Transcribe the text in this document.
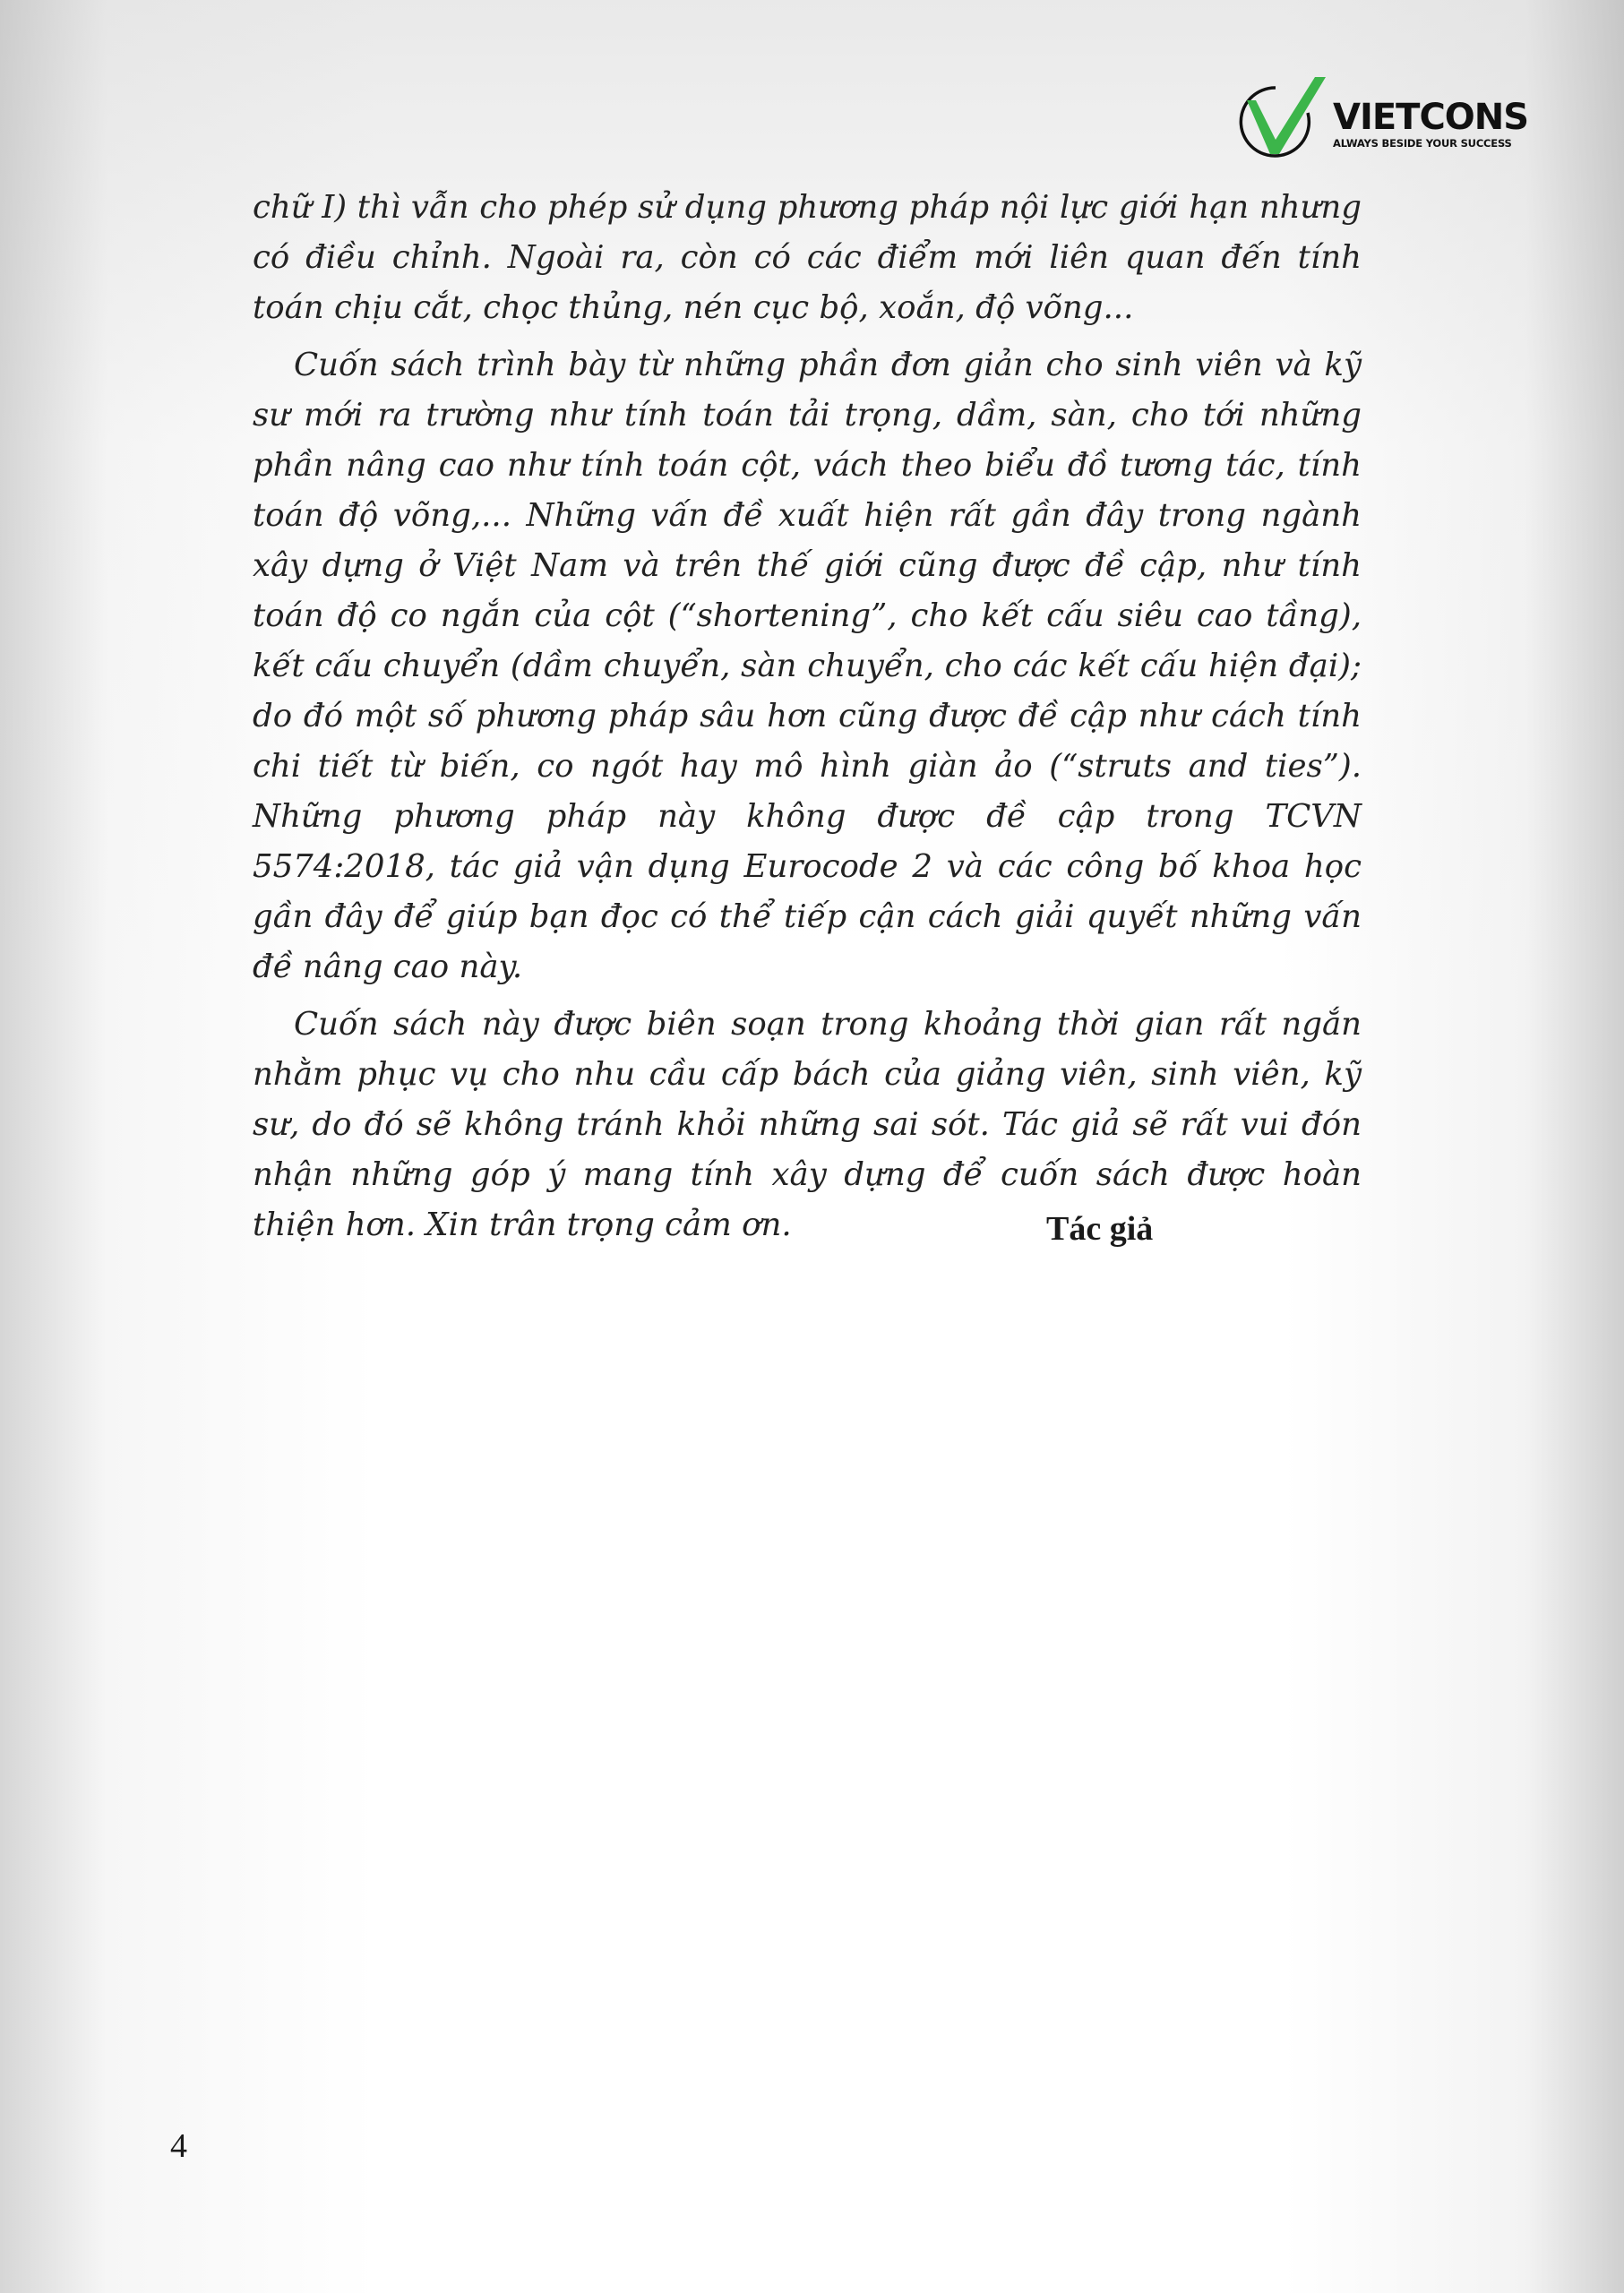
VIETCONS
ALWAYS BESIDE YOUR SUCCESS

chữ I) thì vẫn cho phép sử dụng phương pháp nội lực giới hạn nhưng có điều chỉnh. Ngoài ra, còn có các điểm mới liên quan đến tính toán chịu cắt, chọc thủng, nén cục bộ, xoắn, độ võng...

Cuốn sách trình bày từ những phần đơn giản cho sinh viên và kỹ sư mới ra trường như tính toán tải trọng, dầm, sàn, cho tới những phần nâng cao như tính toán cột, vách theo biểu đồ tương tác, tính toán độ võng,... Những vấn đề xuất hiện rất gần đây trong ngành xây dựng ở Việt Nam và trên thế giới cũng được đề cập, như tính toán độ co ngắn của cột (“shortening”, cho kết cấu siêu cao tầng), kết cấu chuyển (dầm chuyển, sàn chuyển, cho các kết cấu hiện đại); do đó một số phương pháp sâu hơn cũng được đề cập như cách tính chi tiết từ biến, co ngót hay mô hình giàn ảo (“struts and ties”). Những phương pháp này không được đề cập trong TCVN 5574:2018, tác giả vận dụng Eurocode 2 và các công bố khoa học gần đây để giúp bạn đọc có thể tiếp cận cách giải quyết những vấn đề nâng cao này.

Cuốn sách này được biên soạn trong khoảng thời gian rất ngắn nhằm phục vụ cho nhu cầu cấp bách của giảng viên, sinh viên, kỹ sư, do đó sẽ không tránh khỏi những sai sót. Tác giả sẽ rất vui đón nhận những góp ý mang tính xây dựng để cuốn sách được hoàn thiện hơn. Xin trân trọng cảm ơn.	Tác giả
4
